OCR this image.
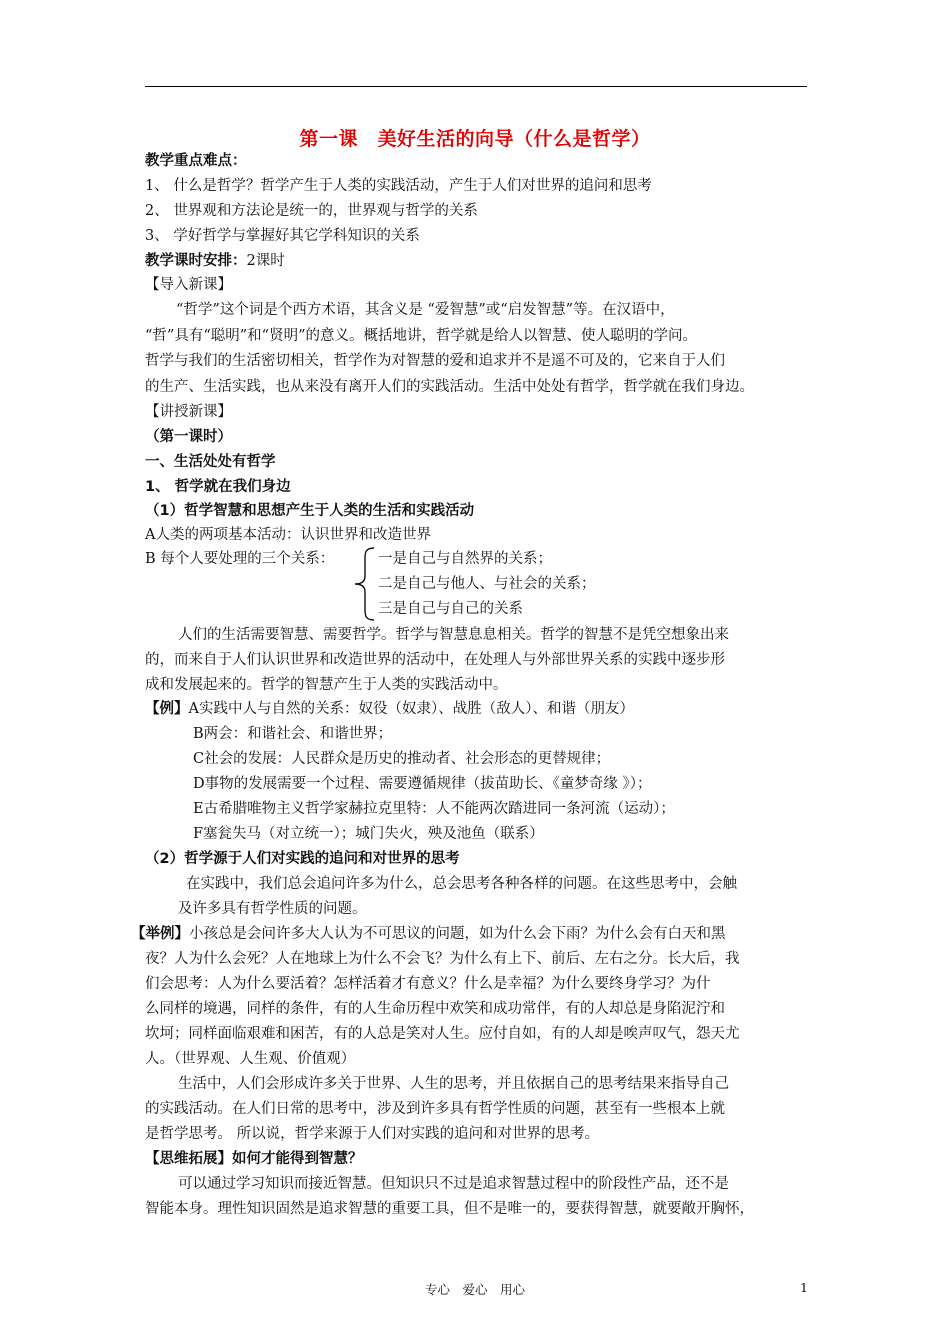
第一课　美好生活的向导（什么是哲学）
教学重点难点：
1、 什么是哲学？哲学产生于人类的实践活动，产生于人们对世界的追问和思考
2、 世界观和方法论是统一的，世界观与哲学的关系
3、 学好哲学与掌握好其它学科知识的关系
教学课时安排：2课时
【导入新课】
“哲学”这个词是个西方术语，其含义是 “爱智慧”或“启发智慧”等。在汉语中，
“哲”具有“聪明”和“贤明”的意义。概括地讲，哲学就是给人以智慧、使人聪明的学问。
哲学与我们的生活密切相关，哲学作为对智慧的爱和追求并不是遥不可及的，它来自于人们
的生产、生活实践，也从来没有离开人们的实践活动。生活中处处有哲学，哲学就在我们身边。
【讲授新课】
（第一课时）
一、生活处处有哲学
1、 哲学就在我们身边
（1）哲学智慧和思想产生于人类的生活和实践活动
A人类的两项基本活动：认识世界和改造世界
B 每个人要处理的三个关系：	一是自己与自然界的关系；
二是自己与他人、与社会的关系；
三是自己与自己的关系
人们的生活需要智慧、需要哲学。哲学与智慧息息相关。哲学的智慧不是凭空想象出来
的，而来自于人们认识世界和改造世界的活动中，在处理人与外部世界关系的实践中逐步形
成和发展起来的。哲学的智慧产生于人类的实践活动中。
【例】A实践中人与自然的关系：奴役（奴隶）、战胜（敌人）、和谐（朋友）
B两会：和谐社会、和谐世界；
C社会的发展：人民群众是历史的推动者、社会形态的更替规律；
D事物的发展需要一个过程、需要遵循规律（拔苗助长、《童梦奇缘 》）；
E古希腊唯物主义哲学家赫拉克里特：人不能两次踏进同一条河流（运动）；
F塞瓮失马（对立统一）；城门失火，殃及池鱼（联系）
（2）哲学源于人们对实践的追问和对世界的思考
在实践中，我们总会追问许多为什么，总会思考各种各样的问题。在这些思考中，会触
及许多具有哲学性质的问题。
【举例】小孩总是会问许多大人认为不可思议的问题，如为什么会下雨？为什么会有白天和黑
夜？人为什么会死？人在地球上为什么不会飞？为什么有上下、前后、左右之分。长大后，我
们会思考：人为什么要活着？怎样活着才有意义？什么是幸福？为什么要终身学习？为什
么同样的境遇，同样的条件，有的人生命历程中欢笑和成功常伴，有的人却总是身陷泥泞和
坎坷；同样面临艰难和困苦，有的人总是笑对人生。应付自如，有的人却是唉声叹气，怨天尤
人。（世界观、人生观、价值观）
生活中，人们会形成许多关于世界、人生的思考，并且依据自己的思考结果来指导自己
的实践活动。在人们日常的思考中，涉及到许多具有哲学性质的问题，甚至有一些根本上就
是哲学思考。 所以说，哲学来源于人们对实践的追问和对世界的思考。
【思维拓展】如何才能得到智慧？
可以通过学习知识而接近智慧。但知识只不过是追求智慧过程中的阶段性产品，还不是
智能本身。理性知识固然是追求智慧的重要工具，但不是唯一的，要获得智慧，就要敞开胸怀，
专心　爱心　用心	1
